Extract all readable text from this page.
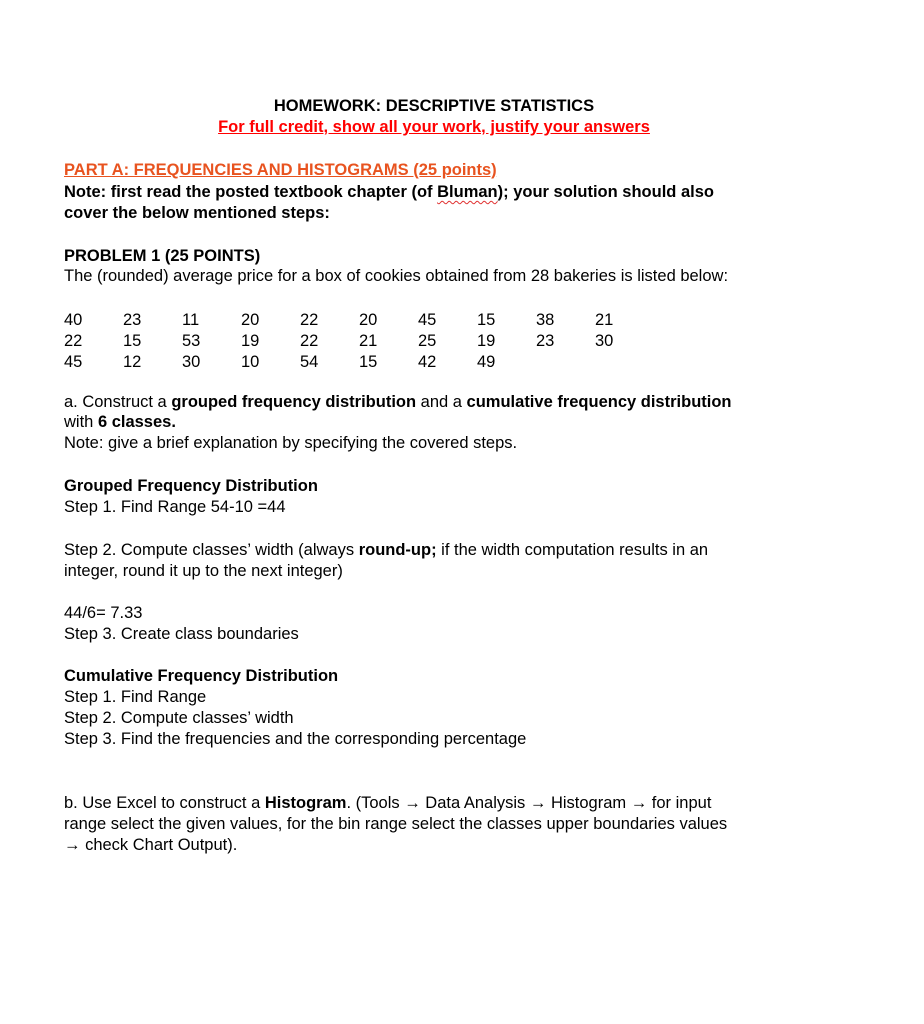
HOMEWORK: DESCRIPTIVE STATISTICS
For full credit, show all your work, justify your answers
PART A: FREQUENCIES AND HISTOGRAMS (25 points)
Note: first read the posted textbook chapter (of Bluman); your solution should also
cover the below mentioned steps:
PROBLEM 1 (25 POINTS)
The (rounded) average price for a box of cookies obtained from 28 bakeries is listed below:
40	23	11	20	22	20	45	15	38	21
22	15	53	19	22	21	25	19	23	30
45	12	30	10	54	15	42	49		
a. Construct a grouped frequency distribution and a cumulative frequency distribution
with 6 classes.
Note: give a brief explanation by specifying the covered steps.
Grouped Frequency Distribution
Step 1. Find Range 54-10 =44
Step 2. Compute classes’ width (always round-up; if the width computation results in an
integer, round it up to the next integer)
44/6= 7.33
Step 3. Create class boundaries
Cumulative Frequency Distribution
Step 1. Find Range
Step 2. Compute classes’ width
Step 3. Find the frequencies and the corresponding percentage
b. Use Excel to construct a Histogram. (Tools → Data Analysis → Histogram → for input
range select the given values, for the bin range select the classes upper boundaries values
→ check Chart Output).
